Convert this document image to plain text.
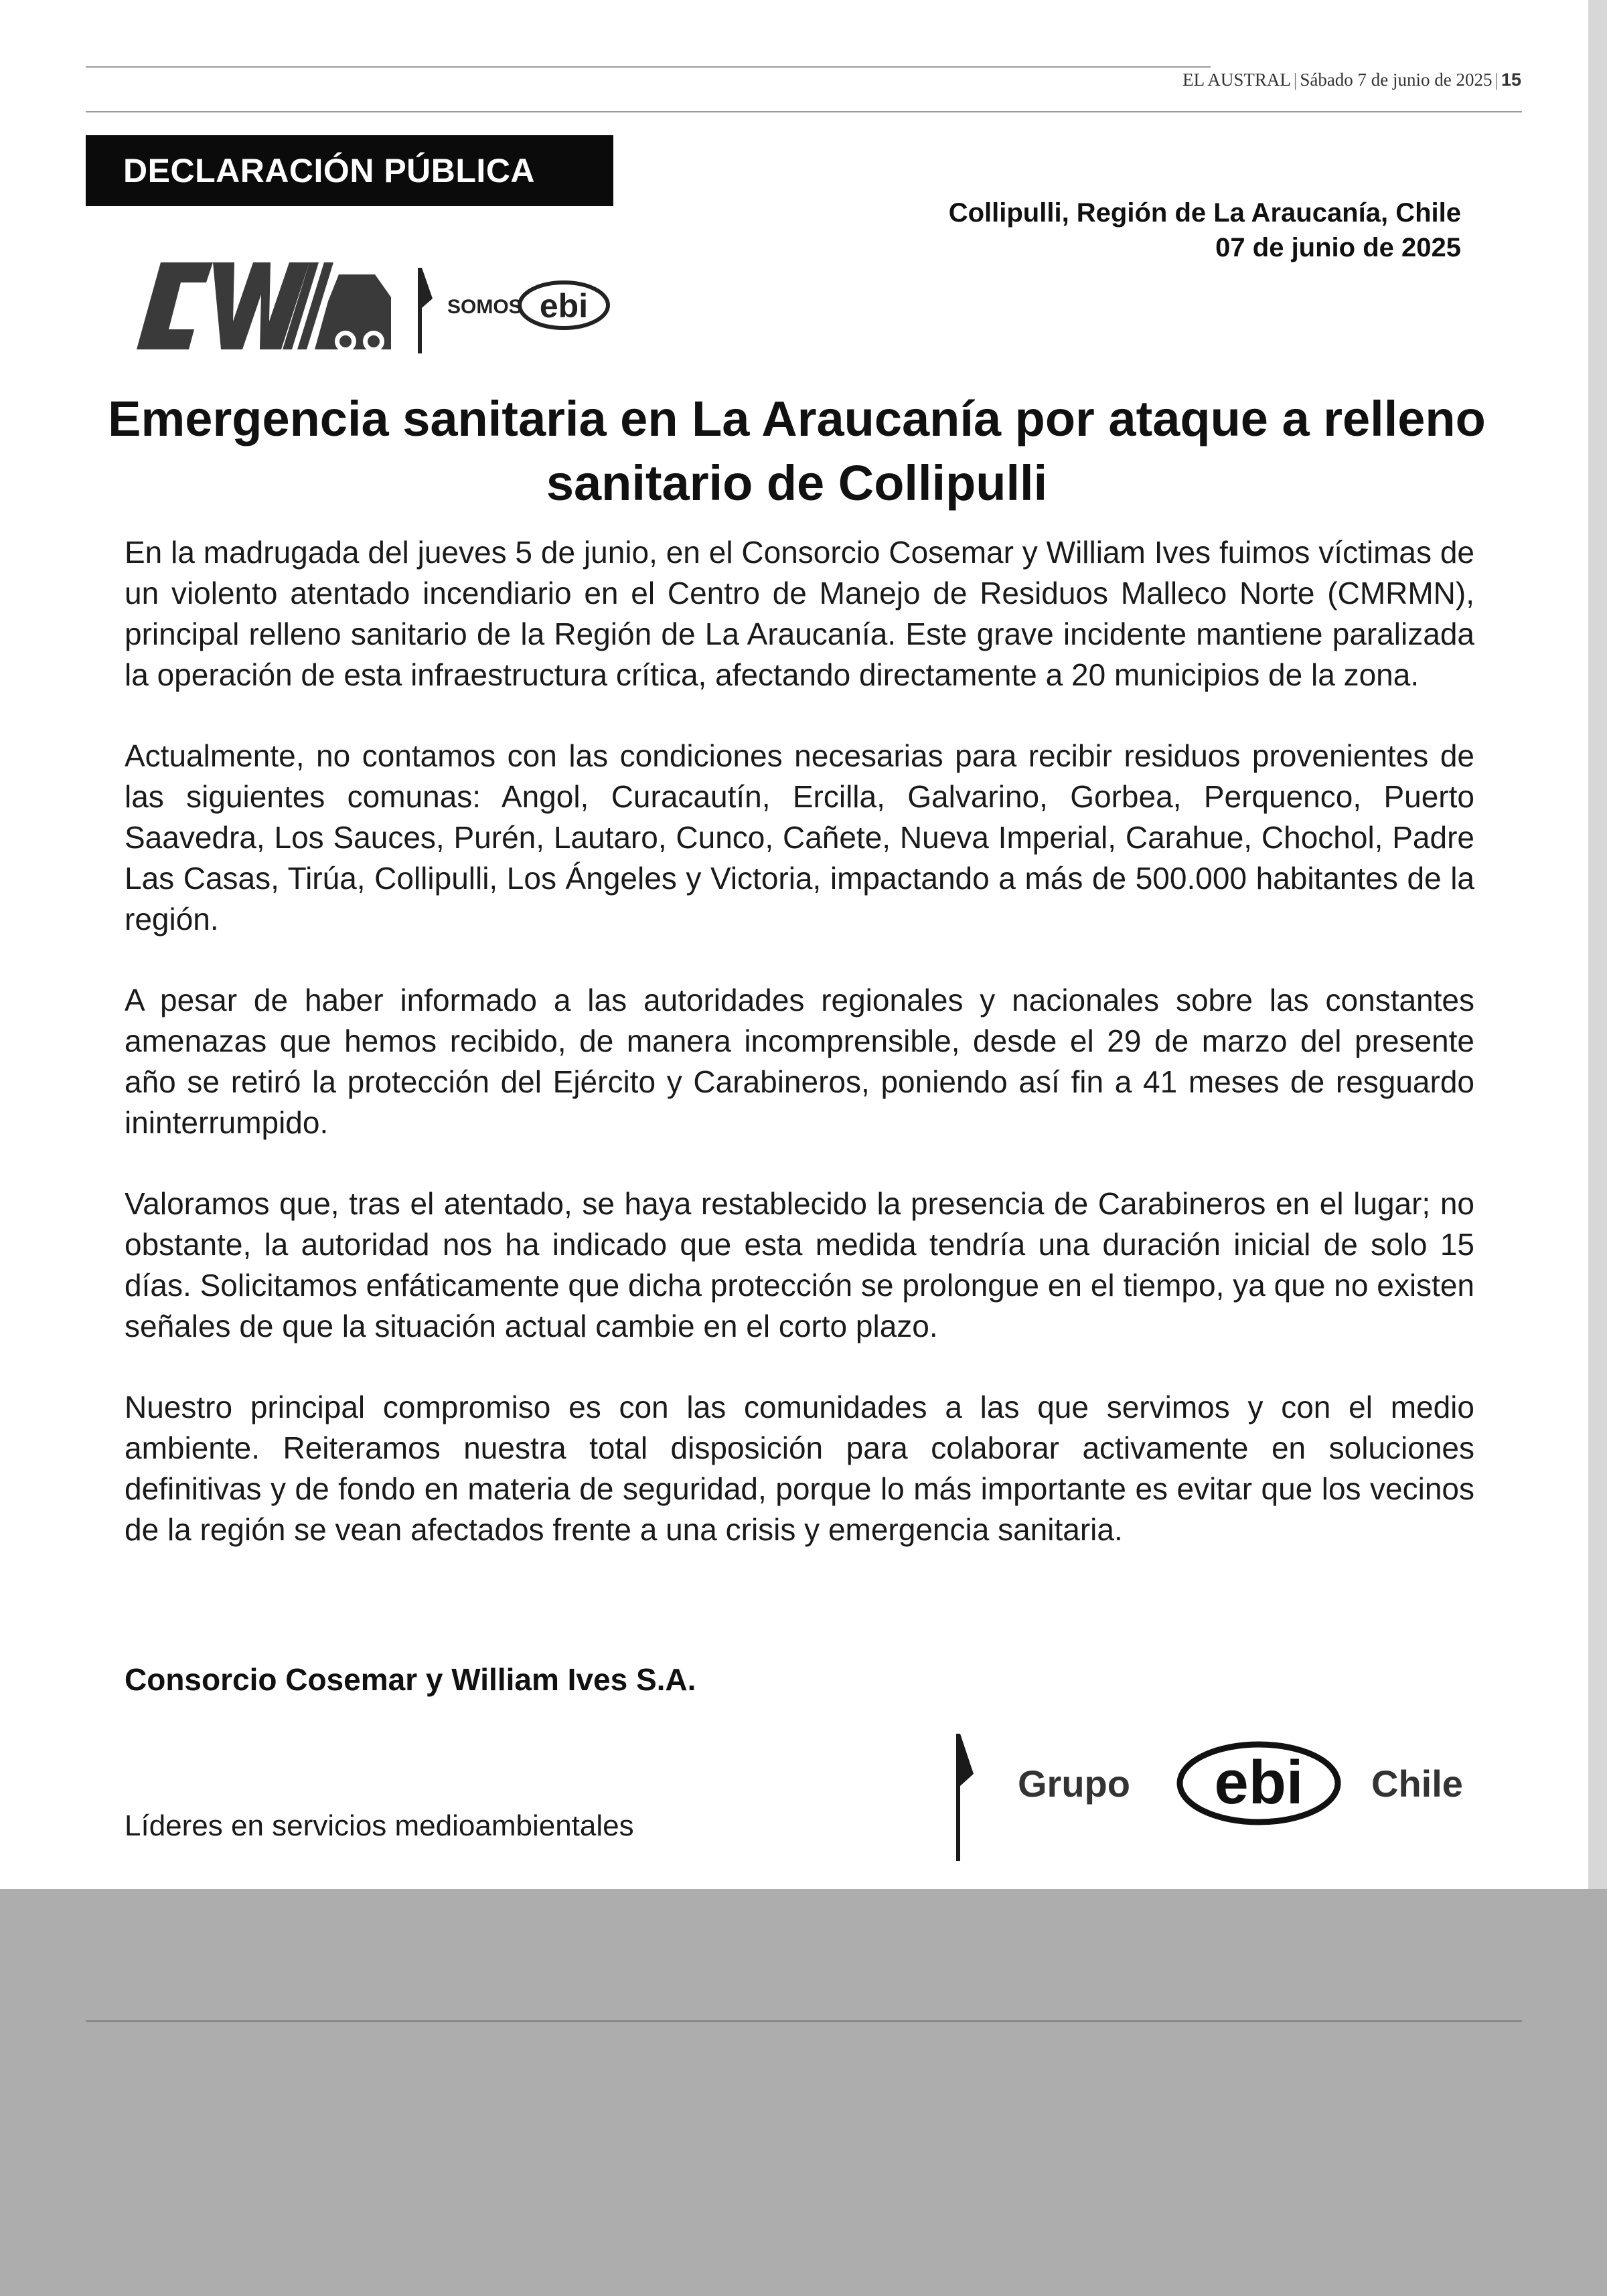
EL AUSTRAL | Sábado 7 de junio de 2025 | 15
DECLARACIÓN PÚBLICA
Collipulli, Región de La Araucanía, Chile
07 de junio de 2025
SOMOS ebi
Emergencia sanitaria en La Araucanía por ataque a relleno sanitario de Collipulli

En la madrugada del jueves 5 de junio, en el Consorcio Cosemar y William Ives fuimos víctimas de un violento atentado incendiario en el Centro de Manejo de Residuos Malleco Norte (CMRMN), principal relleno sanitario de la Región de La Araucanía. Este grave incidente mantiene paralizada la operación de esta infraestructura crítica, afectando directamente a 20 municipios de la zona.

Actualmente, no contamos con las condiciones necesarias para recibir residuos provenientes de las siguientes comunas: Angol, Curacautín, Ercilla, Galvarino, Gorbea, Perquenco, Puerto Saavedra, Los Sauces, Purén, Lautaro, Cunco, Cañete, Nueva Imperial, Carahue, Chochol, Padre Las Casas, Tirúa, Collipulli, Los Ángeles y Victoria, impactando a más de 500.000 habitantes de la región.

A pesar de haber informado a las autoridades regionales y nacionales sobre las constantes amenazas que hemos recibido, de manera incomprensible, desde el 29 de marzo del presente año se retiró la protección del Ejército y Carabineros, poniendo así fin a 41 meses de resguardo ininterrumpido.

Valoramos que, tras el atentado, se haya restablecido la presencia de Carabineros en el lugar; no obstante, la autoridad nos ha indicado que esta medida tendría una duración inicial de solo 15 días. Solicitamos enfáticamente que dicha protección se prolongue en el tiempo, ya que no existen señales de que la situación actual cambie en el corto plazo.

Nuestro principal compromiso es con las comunidades a las que servimos y con el medio ambiente. Reiteramos nuestra total disposición para colaborar activamente en soluciones definitivas y de fondo en materia de seguridad, porque lo más importante es evitar que los vecinos de la región se vean afectados frente a una crisis y emergencia sanitaria.

Consorcio Cosemar y William Ives S.A.
Líderes en servicios medioambientales
Grupo ebi Chile
